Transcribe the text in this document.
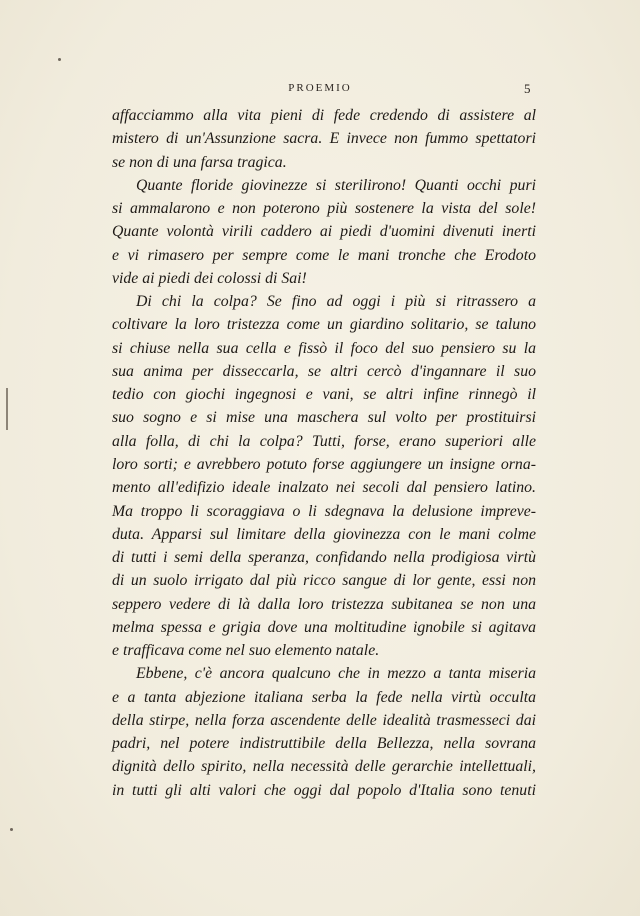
PROEMIO	5
affacciammo alla vita pieni di fede credendo di assistere al
mistero di un'Assunzione sacra. E invece non fummo spettatori
se non di una farsa tragica.
Quante floride giovinezze si sterilirono! Quanti occhi puri
si ammalarono e non poterono più sostenere la vista del sole!
Quante volontà virili caddero ai piedi d'uomini divenuti inerti
e vi rimasero per sempre come le mani tronche che Erodoto
vide ai piedi dei colossi di Sai!
Di chi la colpa? Se fino ad oggi i più si ritrassero a
coltivare la loro tristezza come un giardino solitario, se taluno
si chiuse nella sua cella e fissò il foco del suo pensiero su la
sua anima per disseccarla, se altri cercò d'ingannare il suo
tedio con giochi ingegnosi e vani, se altri infine rinnegò il
suo sogno e si mise una maschera sul volto per prostituirsi
alla folla, di chi la colpa? Tutti, forse, erano superiori alle
loro sorti; e avrebbero potuto forse aggiungere un insigne orna-
mento all'edifizio ideale inalzato nei secoli dal pensiero latino.
Ma troppo li scoraggiava o li sdegnava la delusione impreve-
duta. Apparsi sul limitare della giovinezza con le mani colme
di tutti i semi della speranza, confidando nella prodigiosa virtù
di un suolo irrigato dal più ricco sangue di lor gente, essi non
seppero vedere di là dalla loro tristezza subitanea se non una
melma spessa e grigia dove una moltitudine ignobile si agitava
e trafficava come nel suo elemento natale.
Ebbene, c'è ancora qualcuno che in mezzo a tanta miseria
e a tanta abjezione italiana serba la fede nella virtù occulta
della stirpe, nella forza ascendente delle idealità trasmesseci dai
padri, nel potere indistruttibile della Bellezza, nella sovrana
dignità dello spirito, nella necessità delle gerarchie intellettuali,
in tutti gli alti valori che oggi dal popolo d'Italia sono tenuti
